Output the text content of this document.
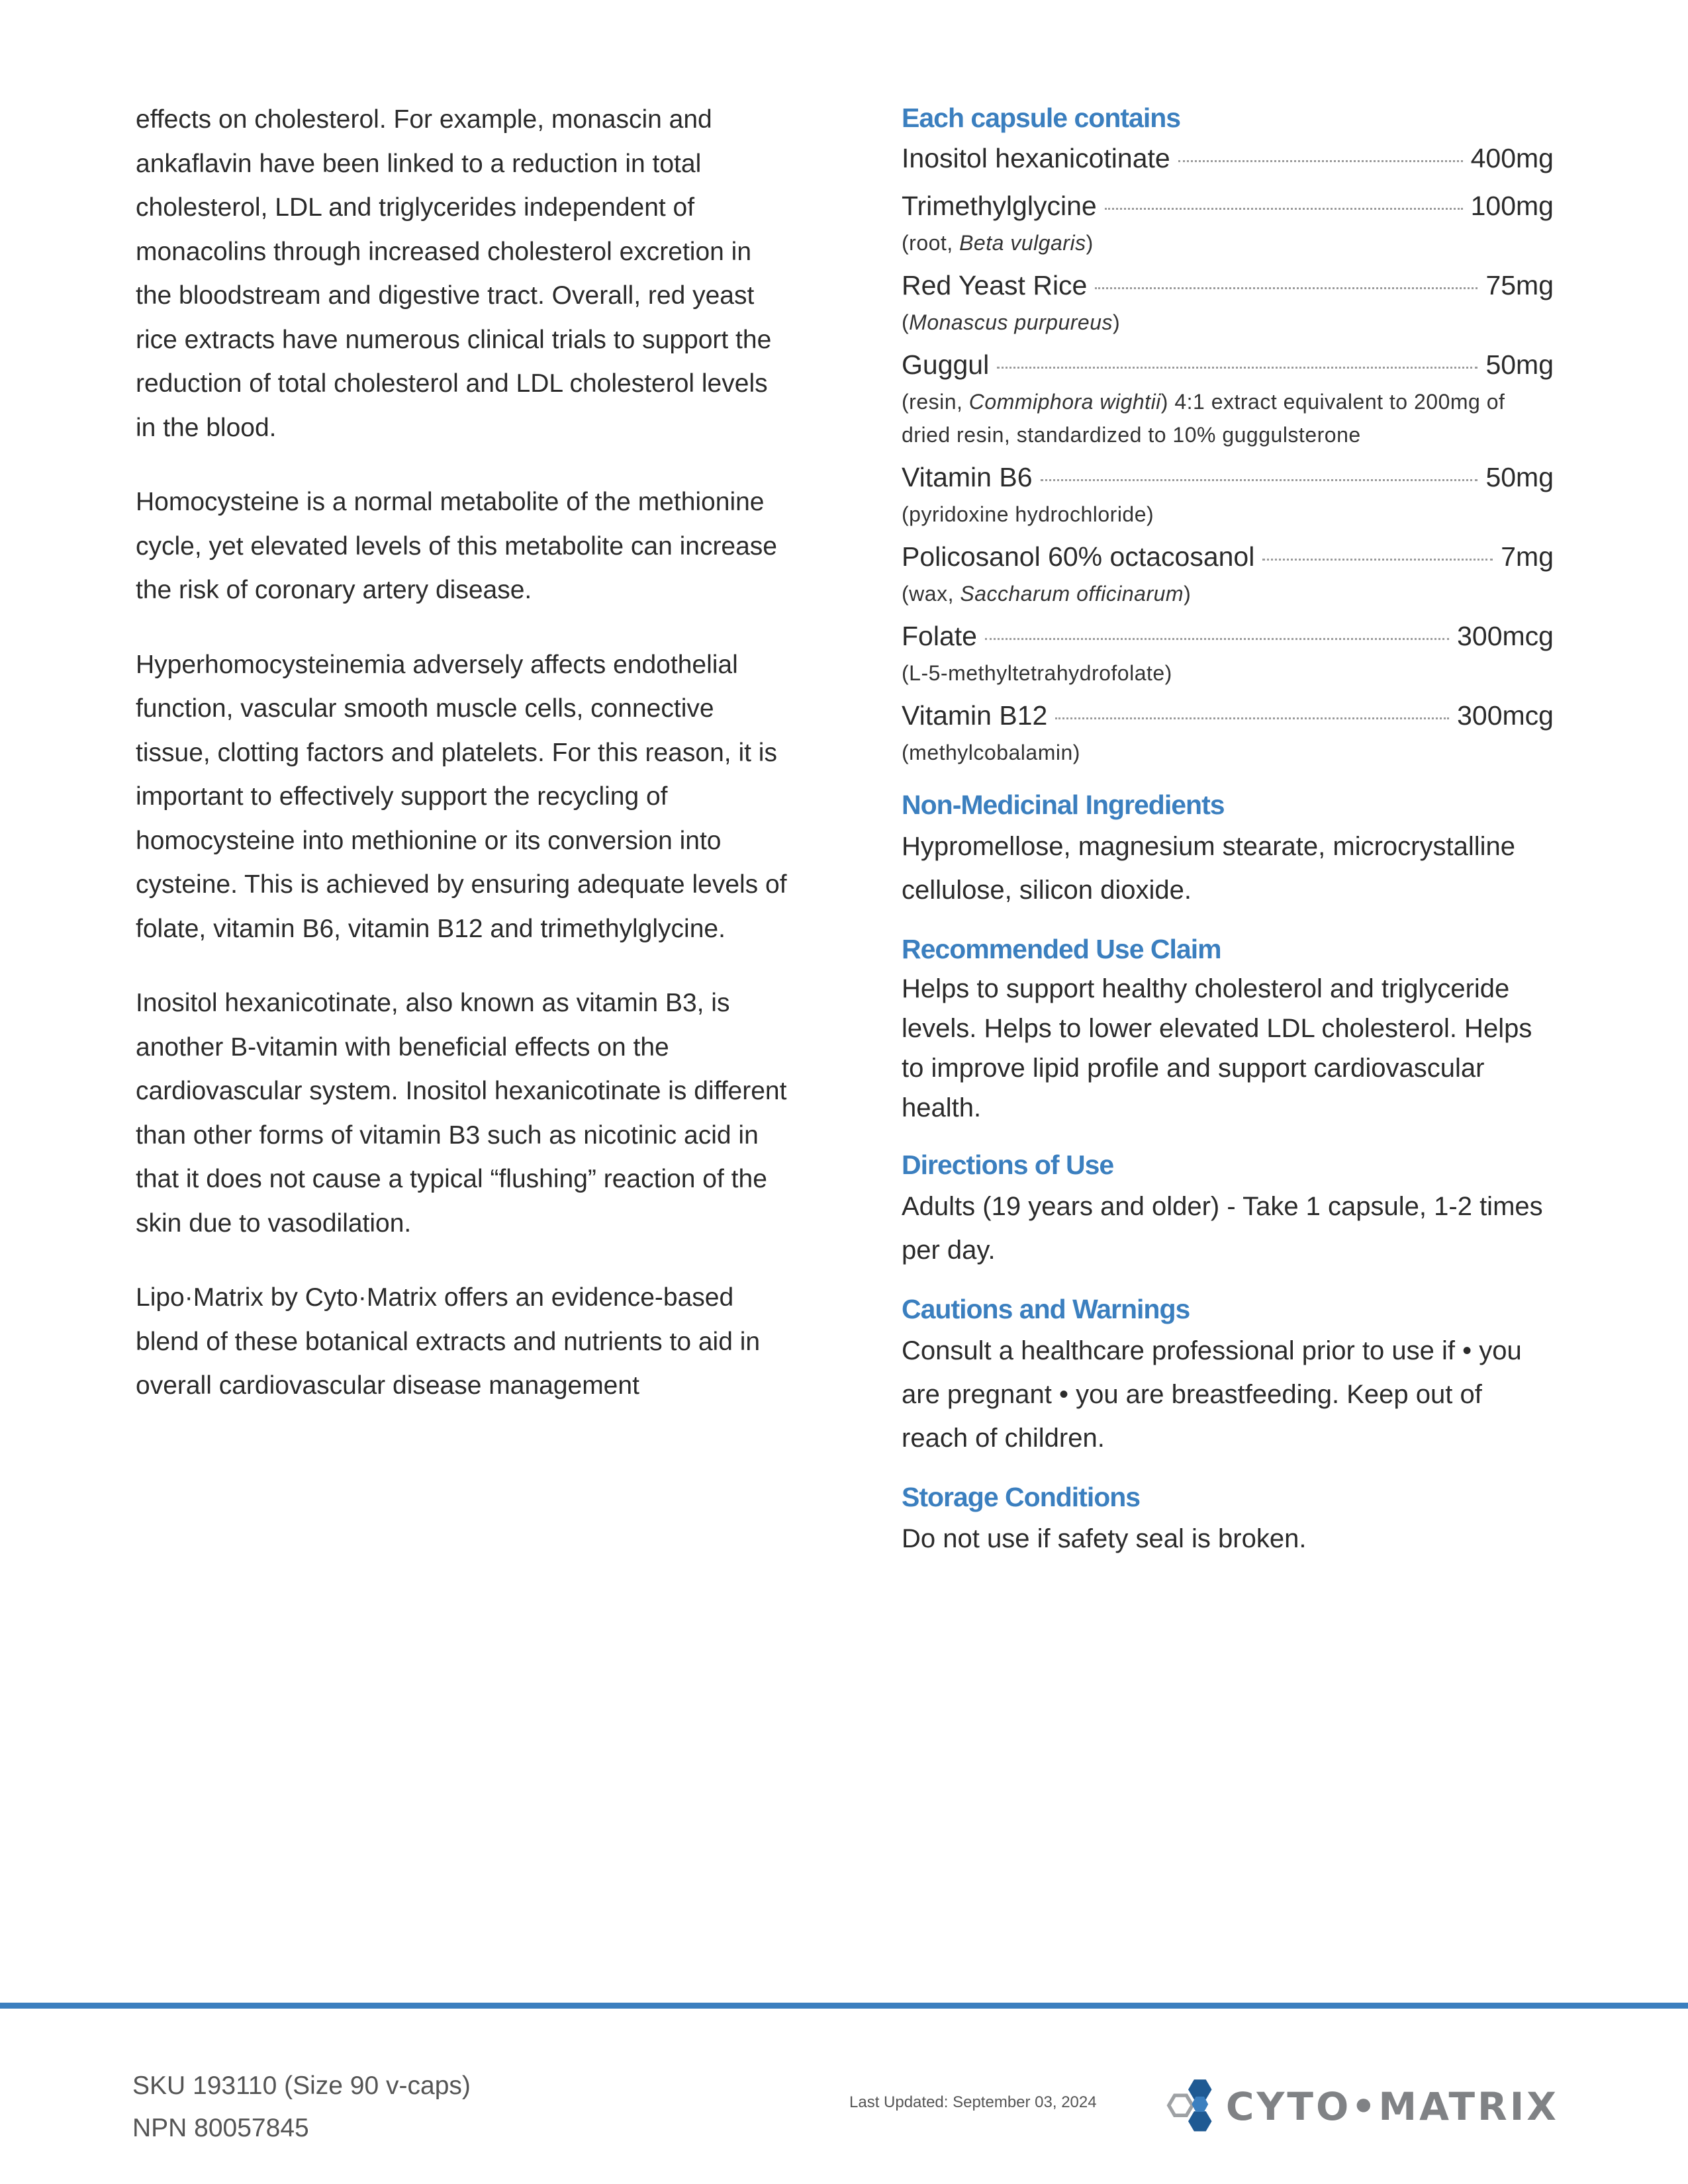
effects on cholesterol. For example, monascin and ankaflavin have been linked to a reduction in total cholesterol, LDL and triglycerides independent of monacolins through increased cholesterol excretion in the bloodstream and digestive tract. Overall, red yeast rice extracts have numerous clinical trials to support the reduction of total cholesterol and LDL cholesterol levels in the blood.

Homocysteine is a normal metabolite of the methionine cycle, yet elevated levels of this metabolite can increase the risk of coronary artery disease.

Hyperhomocysteinemia adversely affects endothelial function, vascular smooth muscle cells, connective tissue, clotting factors and platelets. For this reason, it is important to effectively support the recycling of homocysteine into methionine or its conversion into cysteine. This is achieved by ensuring adequate levels of folate, vitamin B6, vitamin B12 and trimethylglycine.

Inositol hexanicotinate, also known as vitamin B3, is another B-vitamin with beneficial effects on the cardiovascular system. Inositol hexanicotinate is different than other forms of vitamin B3 such as nicotinic acid in that it does not cause a typical “flushing” reaction of the skin due to vasodilation.

Lipo·Matrix by Cyto·Matrix offers an evidence-based blend of these botanical extracts and nutrients to aid in overall cardiovascular disease management

Each capsule contains
Inositol hexanicotinate	400mg
Trimethylglycine	100mg
(root, Beta vulgaris)
Red Yeast Rice	75mg
(Monascus purpureus)
Guggul	50mg
(resin, Commiphora wightii) 4:1 extract equivalent to 200mg of dried resin, standardized to 10% guggulsterone
Vitamin B6	50mg
(pyridoxine hydrochloride)
Policosanol 60% octacosanol	7mg
(wax, Saccharum officinarum)
Folate	300mcg
(L-5-methyltetrahydrofolate)
Vitamin B12	300mcg
(methylcobalamin)
Non-Medicinal Ingredients

Hypromellose, magnesium stearate, microcrystalline cellulose, silicon dioxide.

Recommended Use Claim

Helps to support healthy cholesterol and triglyceride levels. Helps to lower elevated LDL cholesterol. Helps to improve lipid profile and support cardiovascular health.

Directions of Use

Adults (19 years and older) - Take 1 capsule, 1-2 times per day.

Cautions and Warnings

Consult a healthcare professional prior to use if • you are pregnant • you are breastfeeding. Keep out of reach of children.

Storage Conditions

Do not use if safety seal is broken.

SKU 193110 (Size 90 v-caps)
NPN 80057845
Last Updated: September 03, 2024	CYTO•MATRIX
